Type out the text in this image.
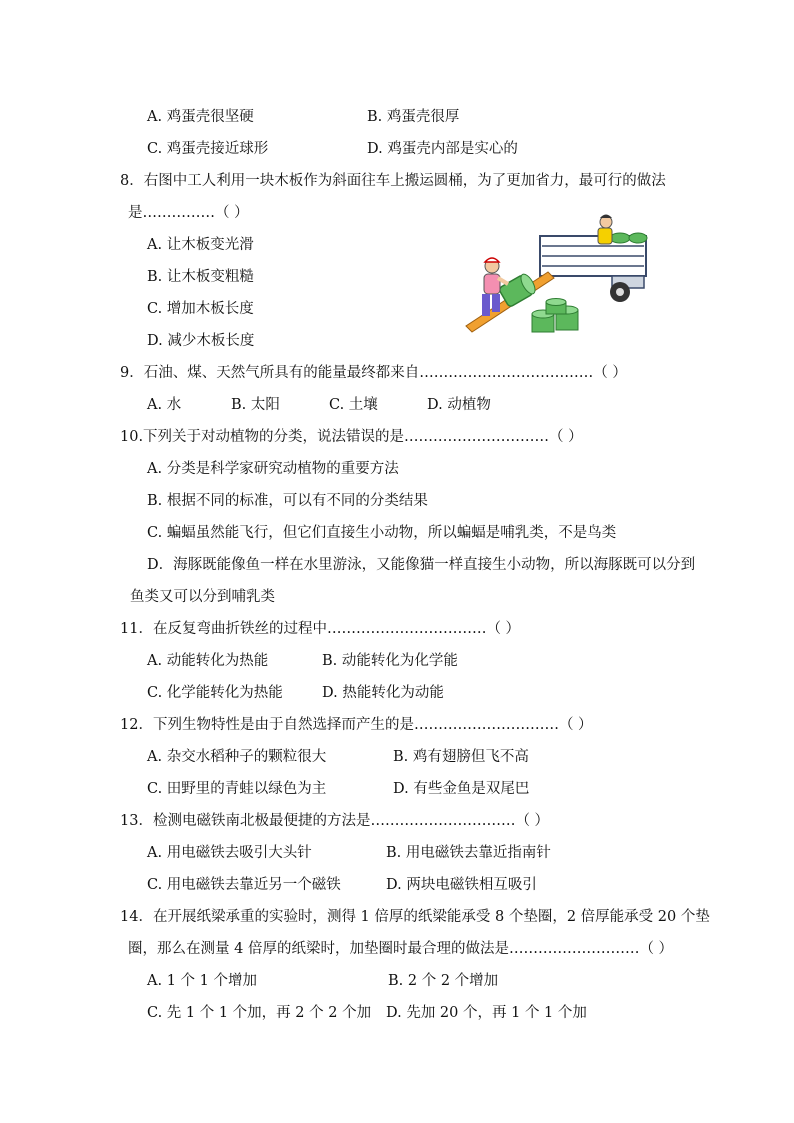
A. 鸡蛋壳很坚硬	B. 鸡蛋壳很厚
C. 鸡蛋壳接近球形	D. 鸡蛋壳内部是实心的
8．右图中工人利用一块木板作为斜面往车上搬运圆桶，为了更加省力，最可行的做法
是……………（ ）
A. 让木板变光滑
B. 让木板变粗糙
C. 增加木板长度
D. 减少木板长度
9．石油、煤、天然气所具有的能量最终都来自………………………………（ ）
A. 水	B. 太阳	C. 土壤	D. 动植物
10.下列关于对动植物的分类，说法错误的是…………………………（ ）
A. 分类是科学家研究动植物的重要方法
B. 根据不同的标准，可以有不同的分类结果
C. 蝙蝠虽然能飞行，但它们直接生小动物，所以蝙蝠是哺乳类，不是鸟类
D．海豚既能像鱼一样在水里游泳，又能像猫一样直接生小动物，所以海豚既可以分到
鱼类又可以分到哺乳类
11．在反复弯曲折铁丝的过程中……………………………（ ）
A. 动能转化为热能	B. 动能转化为化学能
C. 化学能转化为热能	D. 热能转化为动能
12．下列生物特性是由于自然选择而产生的是…………………………（ ）
A. 杂交水稻种子的颗粒很大	B. 鸡有翅膀但飞不高
C. 田野里的青蛙以绿色为主	D. 有些金鱼是双尾巴
13．检测电磁铁南北极最便捷的方法是…………………………（ ）
A. 用电磁铁去吸引大头针	B. 用电磁铁去靠近指南针
C. 用电磁铁去靠近另一个磁铁	D. 两块电磁铁相互吸引
14．在开展纸梁承重的实验时，测得 1 倍厚的纸梁能承受 8 个垫圈，2 倍厚能承受 20 个垫
圈，那么在测量 4 倍厚的纸梁时，加垫圈时最合理的做法是………………………（ ）
A. 1 个 1 个增加	B. 2 个 2 个增加
C. 先 1 个 1 个加，再 2 个 2 个加 D. 先加 20 个，再 1 个 1 个加
